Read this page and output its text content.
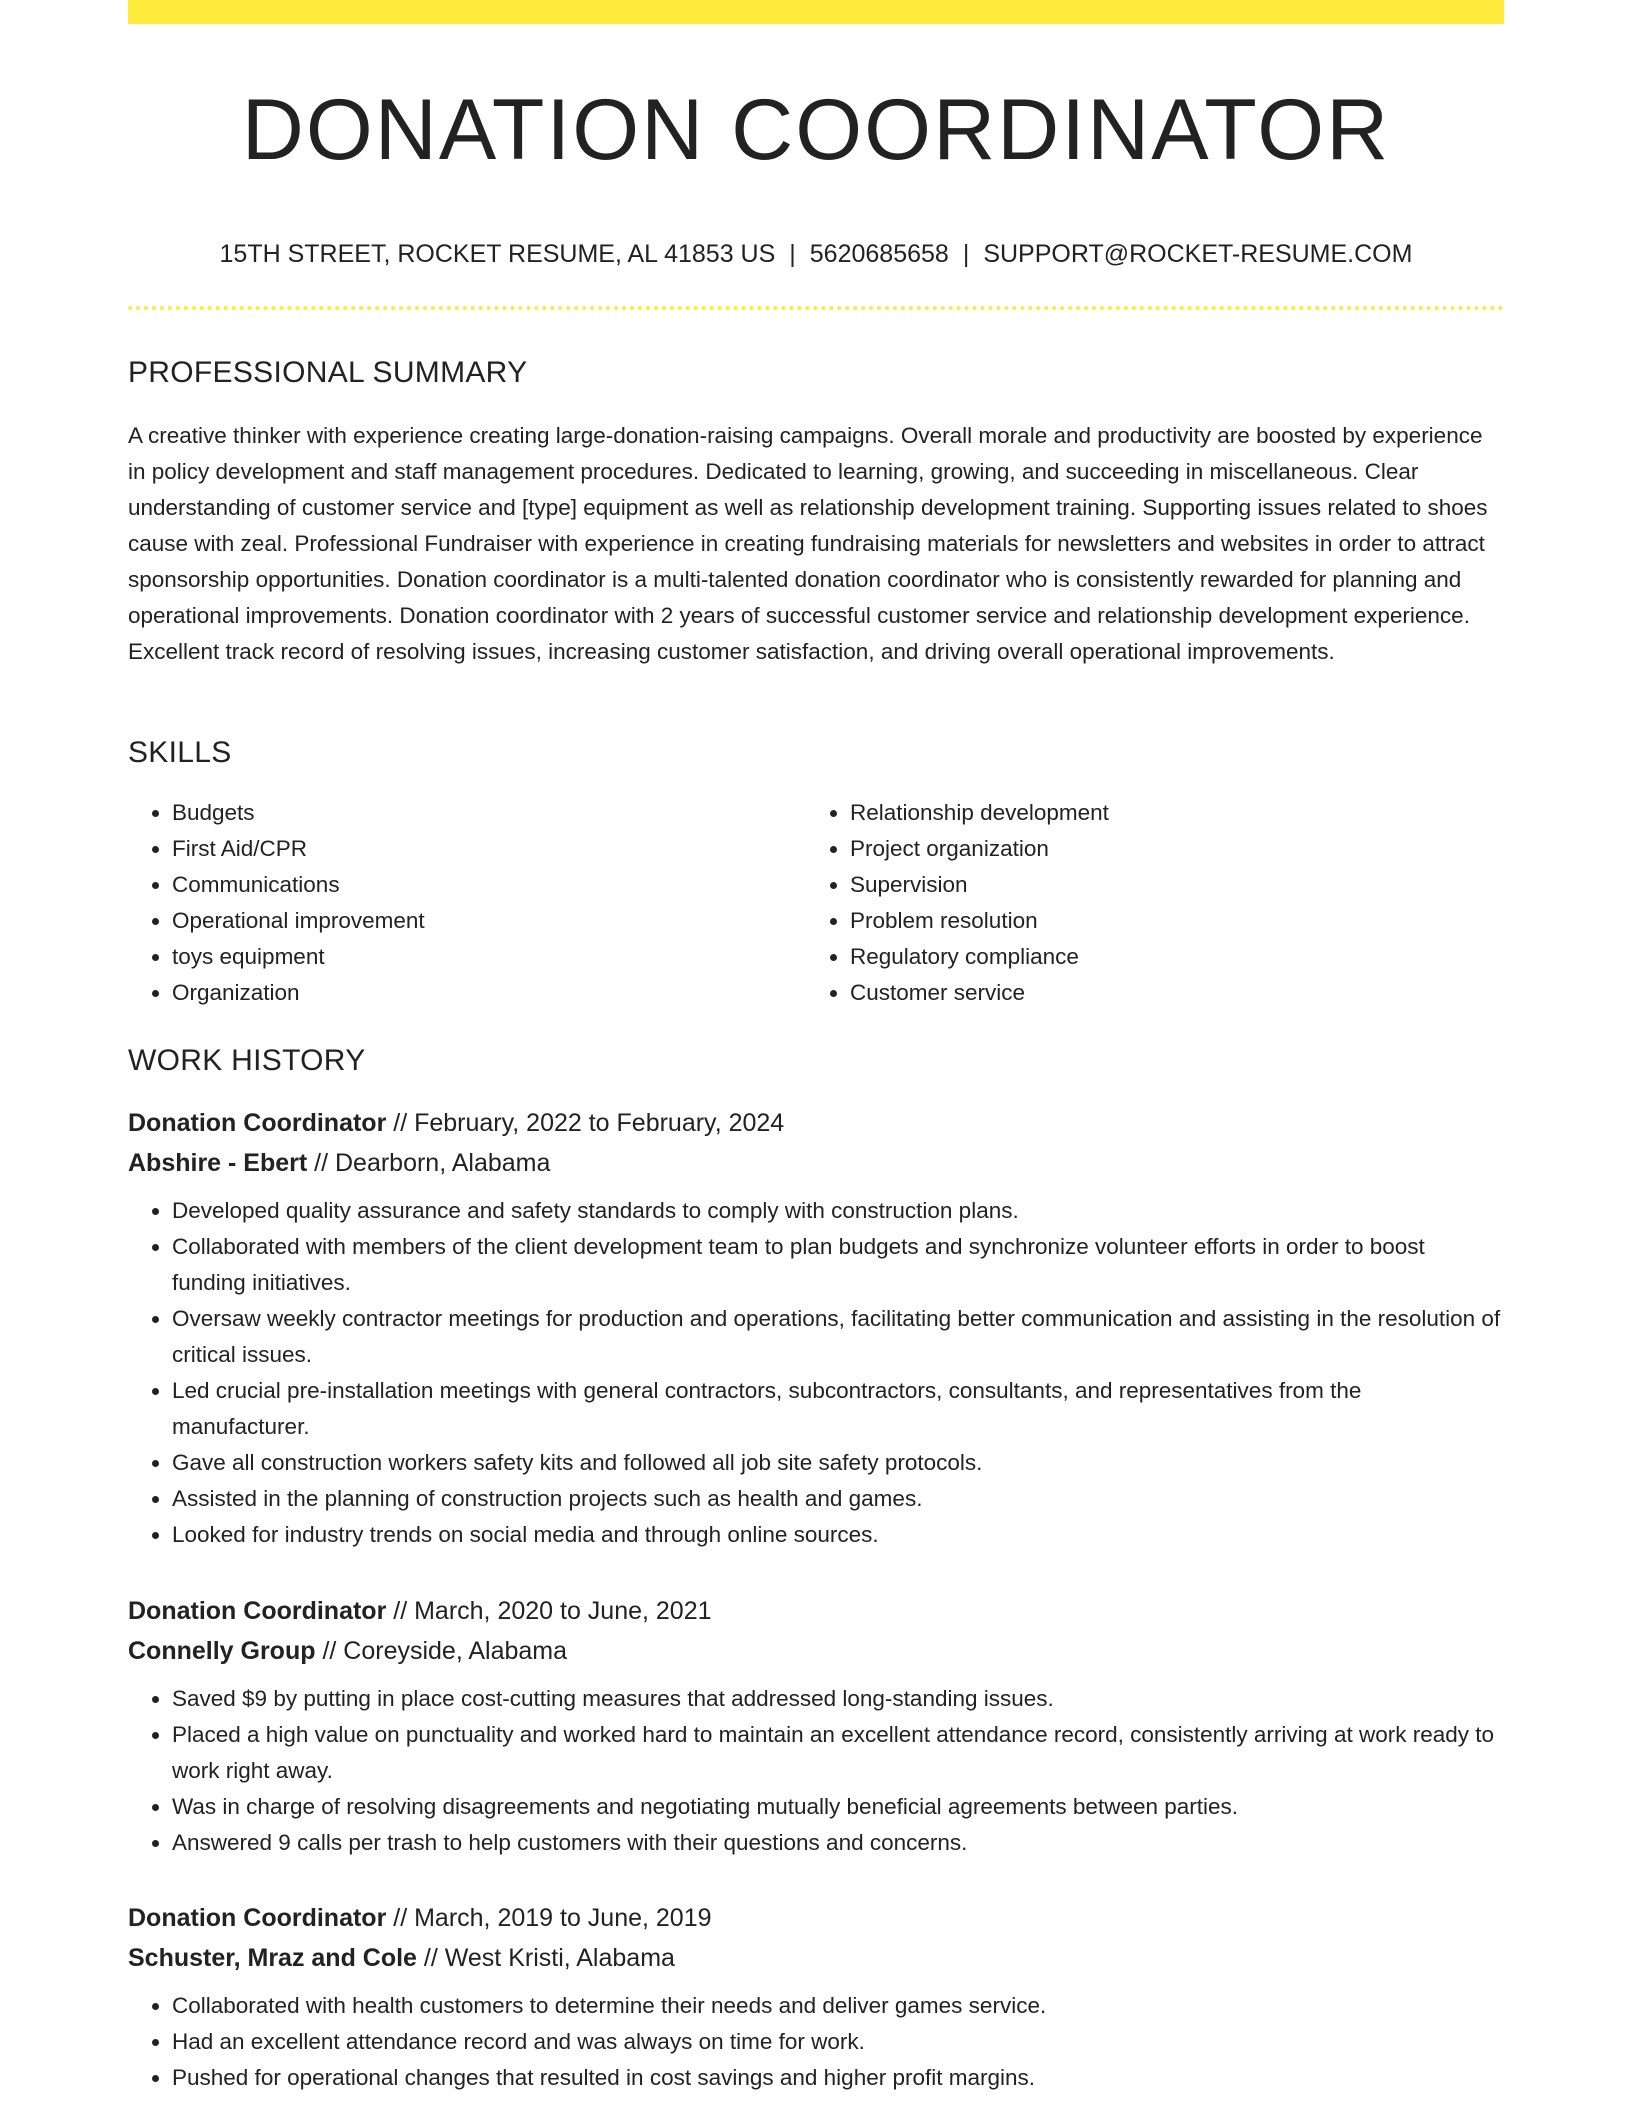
DONATION COORDINATOR
15TH STREET, ROCKET RESUME, AL 41853 US | 5620685658 | SUPPORT@ROCKET-RESUME.COM
PROFESSIONAL SUMMARY

A creative thinker with experience creating large-donation-raising campaigns. Overall morale and productivity are boosted by experience in policy development and staff management procedures. Dedicated to learning, growing, and succeeding in miscellaneous. Clear understanding of customer service and [type] equipment as well as relationship development training. Supporting issues related to shoes cause with zeal. Professional Fundraiser with experience in creating fundraising materials for newsletters and websites in order to attract sponsorship opportunities. Donation coordinator is a multi-talented donation coordinator who is consistently rewarded for planning and operational improvements. Donation coordinator with 2 years of successful customer service and relationship development experience. Excellent track record of resolving issues, increasing customer satisfaction, and driving overall operational improvements.

SKILLS
• Budgets
• First Aid/CPR
• Communications
• Operational improvement
• toys equipment
• Organization
• Relationship development
• Project organization
• Supervision
• Problem resolution
• Regulatory compliance
• Customer service
WORK HISTORY
Donation Coordinator // February, 2022 to February, 2024
Abshire - Ebert // Dearborn, Alabama
• Developed quality assurance and safety standards to comply with construction plans.
• Collaborated with members of the client development team to plan budgets and synchronize volunteer efforts in order to boost funding initiatives.
• Oversaw weekly contractor meetings for production and operations, facilitating better communication and assisting in the resolution of critical issues.
• Led crucial pre-installation meetings with general contractors, subcontractors, consultants, and representatives from the manufacturer.
• Gave all construction workers safety kits and followed all job site safety protocols.
• Assisted in the planning of construction projects such as health and games.
• Looked for industry trends on social media and through online sources.
Donation Coordinator // March, 2020 to June, 2021
Connelly Group // Coreyside, Alabama
• Saved $9 by putting in place cost-cutting measures that addressed long-standing issues.
• Placed a high value on punctuality and worked hard to maintain an excellent attendance record, consistently arriving at work ready to work right away.
• Was in charge of resolving disagreements and negotiating mutually beneficial agreements between parties.
• Answered 9 calls per trash to help customers with their questions and concerns.
Donation Coordinator // March, 2019 to June, 2019
Schuster, Mraz and Cole // West Kristi, Alabama
• Collaborated with health customers to determine their needs and deliver games service.
• Had an excellent attendance record and was always on time for work.
• Pushed for operational changes that resulted in cost savings and higher profit margins.
